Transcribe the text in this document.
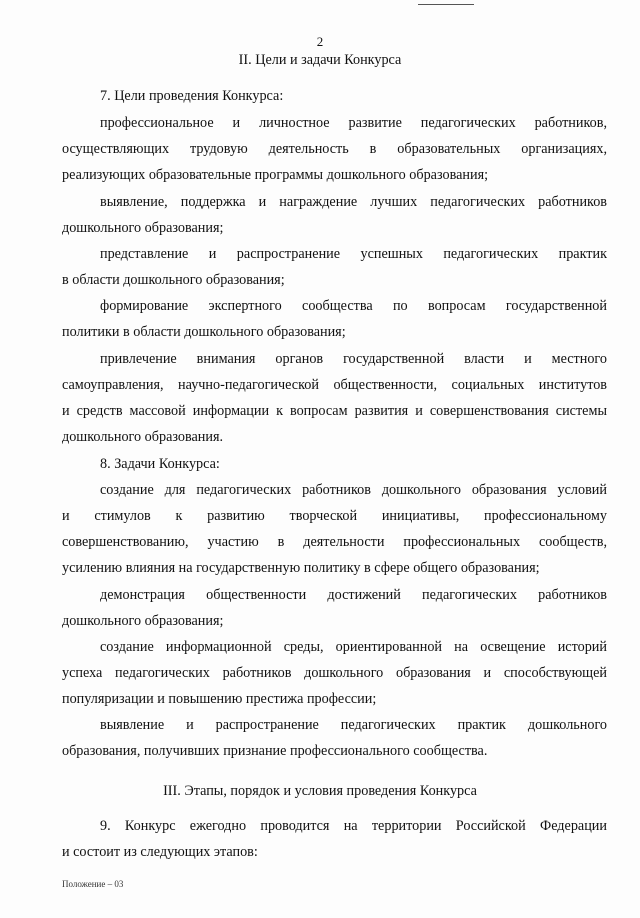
2
II. Цели и задачи Конкурса
7. Цели проведения Конкурса:
профессиональное и личностное развитие педагогических работников,
осуществляющих трудовую деятельность в образовательных организациях,
реализующих образовательные программы дошкольного образования;
выявление, поддержка и награждение лучших педагогических работников
дошкольного образования;
представление и распространение успешных педагогических практик
в области дошкольного образования;
формирование экспертного сообщества по вопросам государственной
политики в области дошкольного образования;
привлечение внимания органов государственной власти и местного
самоуправления, научно-педагогической общественности, социальных институтов
и средств массовой информации к вопросам развития и совершенствования системы
дошкольного образования.
8. Задачи Конкурса:
создание для педагогических работников дошкольного образования условий
и стимулов к развитию творческой инициативы, профессиональному
совершенствованию, участию в деятельности профессиональных сообществ,
усилению влияния на государственную политику в сфере общего образования;
демонстрация общественности достижений педагогических работников
дошкольного образования;
создание информационной среды, ориентированной на освещение историй
успеха педагогических работников дошкольного образования и способствующей
популяризации и повышению престижа профессии;
выявление и распространение педагогических практик дошкольного
образования, получивших признание профессионального сообщества.
III. Этапы, порядок и условия проведения Конкурса
9. Конкурс ежегодно проводится на территории Российской Федерации
и состоит из следующих этапов:
Положение – 03
